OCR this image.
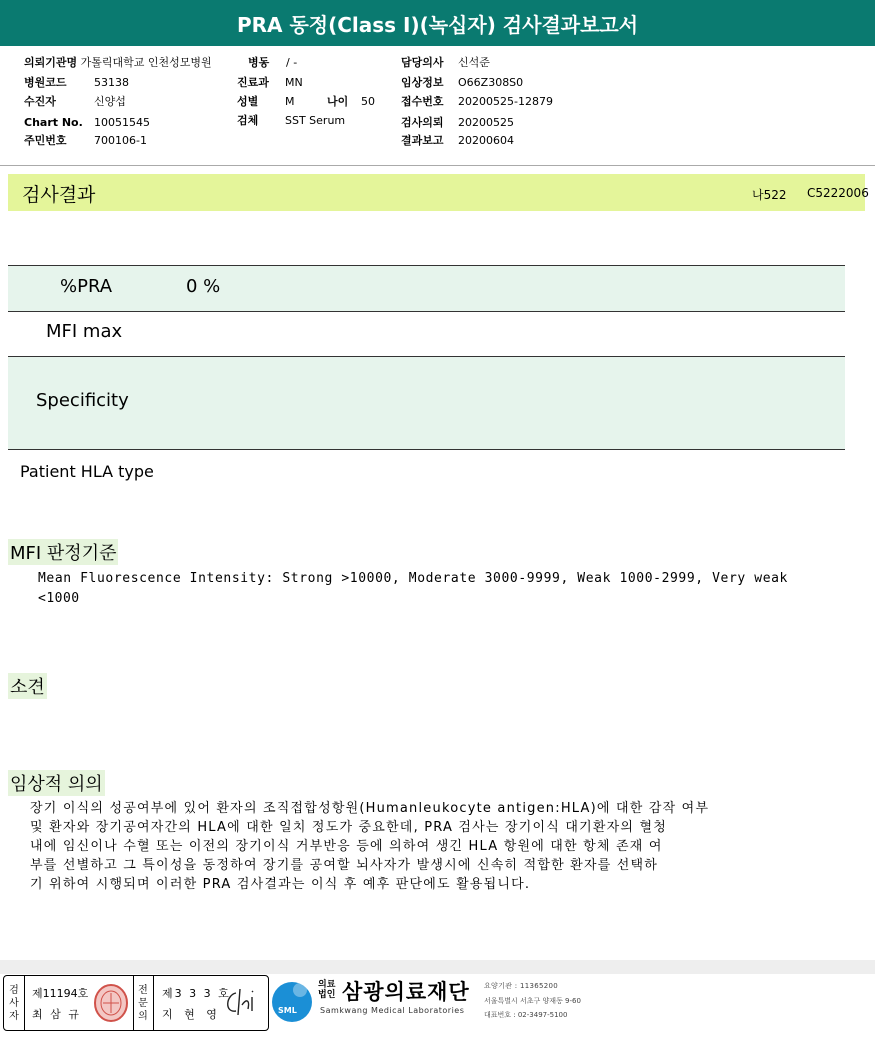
PRA 동정(Class I)(녹십자) 검사결과보고서
의뢰기관명 가톨릭대학교 인천성모병원
병원코드 53138
수진자	신양섭
Chart No. 10051545
주민번호 700106-1
병동 / -
진료과 MN
성별 M	나이 50
검체 SST Serum
담당의사 신석준
임상정보 O66Z308S0
접수번호 20200525-12879
검사의뢰 20200525
결과보고 20200604
검사결과	나522 C5222006
%PRA	0 %
MFI max
Specificity
Patient HLA type
MFI 판정기준
Mean Fluorescence Intensity: Strong >10000, Moderate 3000-9999, Weak 1000-2999, Very weak
<1000
소견
임상적 의의
장기 이식의 성공여부에 있어 환자의 조직접합성항원(Humanleukocyte antigen:HLA)에 대한 감작 여부
및 환자와 장기공여자간의 HLA에 대한 일치 정도가 중요한데, PRA 검사는 장기이식 대기환자의 혈청
내에 임신이나 수혈 또는 이전의 장기이식 거부반응 등에 의하여 생긴 HLA 항원에 대한 항체 존재 여
부를 선별하고 그 특이성을 동정하여 장기를 공여할 뇌사자가 발생시에 신속히 적합한 환자를 선택하
기 위하여 시행되며 이러한 PRA 검사결과는 이식 후 예후 판단에도 활용됩니다.
검사자
제11194호
최 삼 규
전문의
제3 3 3 호
지 현 영	SML
의료법인 삼광의료재단
Samkwang Medical Laboratories
요양기관 : 11365200
서울특별시 서초구 양재동 9-60
대표번호 : 02-3497-5100
